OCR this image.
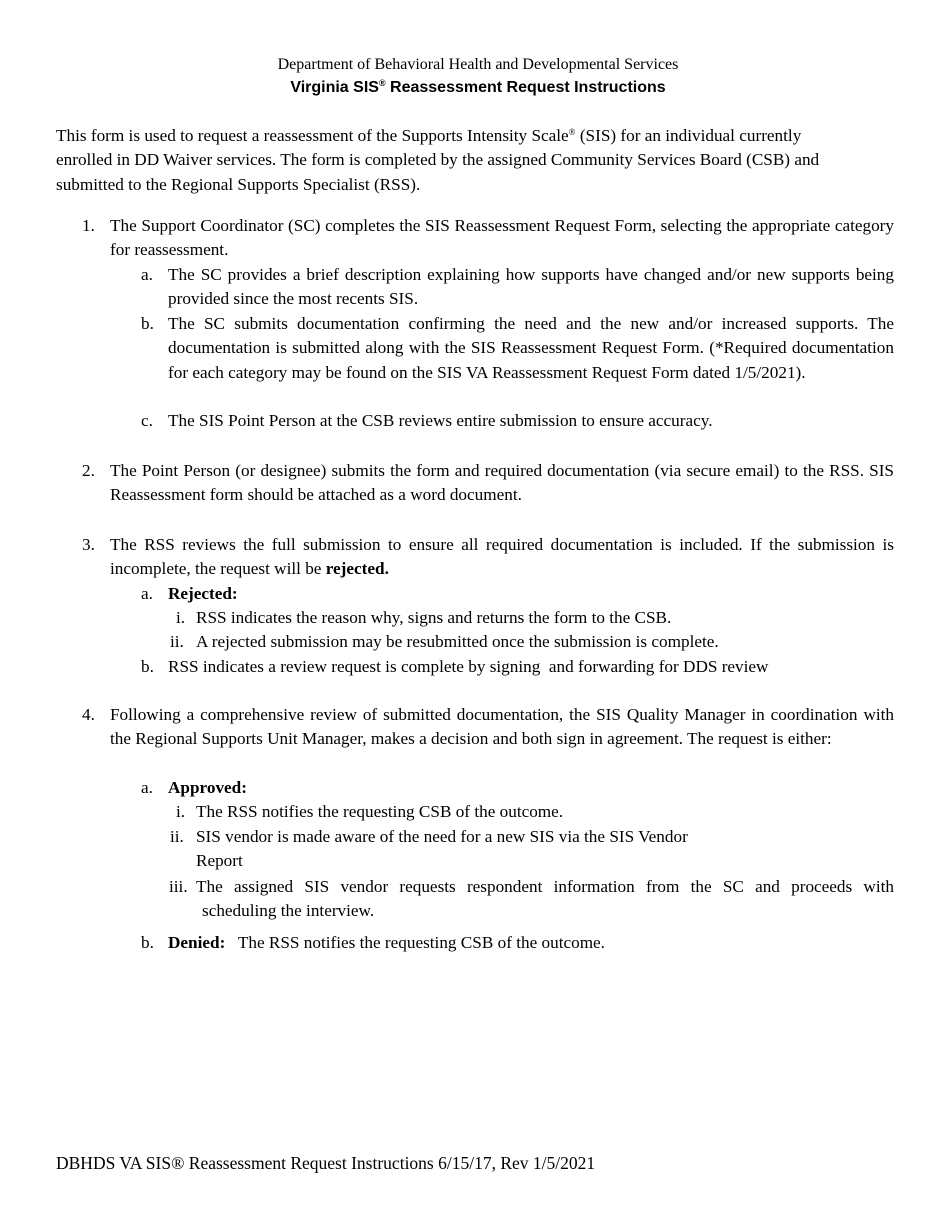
Department of Behavioral Health and Developmental Services
Virginia SIS® Reassessment Request Instructions
This form is used to request a reassessment of the Supports Intensity Scale® (SIS) for an individual currently
enrolled in DD Waiver services. The form is completed by the assigned Community Services Board (CSB) and
submitted to the Regional Supports Specialist (RSS).
1. The Support Coordinator (SC) completes the SIS Reassessment Request Form, selecting the appropriate category for reassessment.
a. The SC provides a brief description explaining how supports have changed and/or new supports being provided since the most recents SIS.
b. The SC submits documentation confirming the need and the new and/or increased supports. The documentation is submitted along with the SIS Reassessment Request Form. (*Required documentation for each category may be found on the SIS VA Reassessment Request Form dated 1/5/2021).
c. The SIS Point Person at the CSB reviews entire submission to ensure accuracy.
2. The Point Person (or designee) submits the form and required documentation (via secure email) to the RSS. SIS Reassessment form should be attached as a word document.
3. The RSS reviews the full submission to ensure all required documentation is included. If the submission is incomplete, the request will be rejected.
a. Rejected:
i. RSS indicates the reason why, signs and returns the form to the CSB.
ii. A rejected submission may be resubmitted once the submission is complete.
b. RSS indicates a review request is complete by signing  and forwarding for DDS review
4. Following a comprehensive review of submitted documentation, the SIS Quality Manager in coordination with the Regional Supports Unit Manager, makes a decision and both sign in agreement. The request is either:
a. Approved:
i. The RSS notifies the requesting CSB of the outcome.
ii. SIS vendor is made aware of the need for a new SIS via the SIS Vendor
Report
iii. The assigned SIS vendor requests respondent information from the SC and proceeds with
scheduling the interview.
b. Denied:   The RSS notifies the requesting CSB of the outcome.
DBHDS VA SIS® Reassessment Request Instructions 6/15/17, Rev 1/5/2021
